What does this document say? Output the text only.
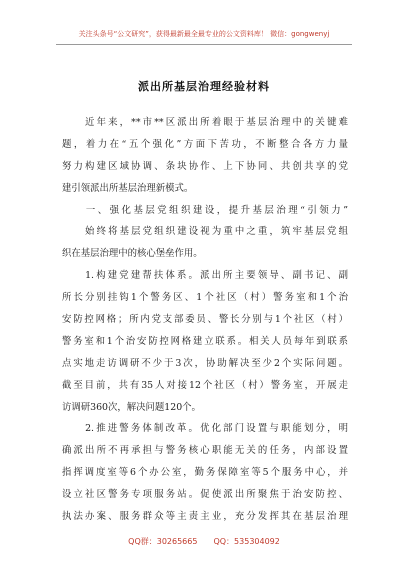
关注头条号“公文研究”，获得最新最全最专业的公文资料库！ 微信：gongwenyj
派出所基层治理经验材料
　　近年来，**市**区派出所着眼于基层治理中的关键难
题，着力在“五个强化”方面下苦功，不断整合各方力量
努力构建区域协调、条块协作、上下协同、共创共享的党
建引领派出所基层治理新模式。
　　一、强化基层党组织建设，提升基层治理“引领力”
　　始终将基层党组织建设视为重中之重，筑牢基层党组
织在基层治理中的核心堡垒作用。
　　1.构建党建帮扶体系。派出所主要领导、副书记、副
所长分别挂钩1个警务区、1个社区（村）警务室和1个治
安防控网格；所内党支部委员、警长分别与1个社区（村）
警务室和1个治安防控网格建立联系。相关人员每年到联系
点实地走访调研不少于3次，协助解决至少2个实际问题。
截至目前，共有35人对接12个社区（村）警务室，开展走
访调研360次，解决问题120个。
　　2.推进警务体制改革。优化部门设置与职能划分，明
确派出所不再承担与警务核心职能无关的任务，内部设置
指挥调度室等6个办公室，勤务保障室等5个服务中心，并
设立社区警务专项服务站。促使派出所聚焦于治安防控、
执法办案、服务群众等主责主业，充分发挥其在基层治理
QQ群：30265665　　QQ：535304092
